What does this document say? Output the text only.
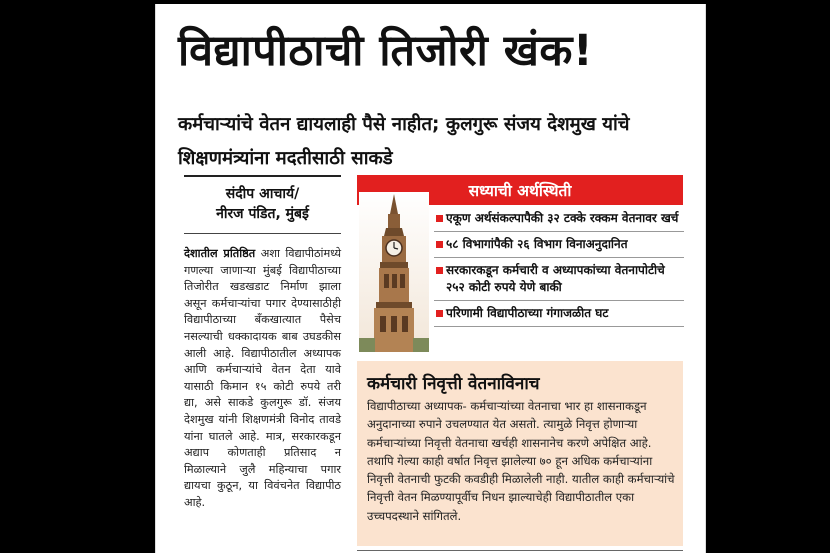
विद्यापीठाची तिजोरी खंक!
कर्मचाऱ्यांचे वेतन द्यायलाही पैसे नाहीत; कुलगुरू संजय देशमुख यांचे शिक्षणमंत्र्यांना मदतीसाठी साकडे
संदीप आचार्य/
नीरज पंडित, मुंबई

देशातील प्रतिष्ठित अशा विद्यापीठांमध्ये गणल्या जाणाऱ्या मुंबई विद्यापीठाच्या तिजोरीत खडखडाट निर्माण झाला असून कर्मचाऱ्यांचा पगार देण्यासाठीही विद्यापीठाच्या बँकखात्यात पैसेच नसल्याची धक्कादायक बाब उघडकीस आली आहे. विद्यापीठातील अध्यापक आणि कर्मचाऱ्यांचे वेतन देता यावे यासाठी किमान १५ कोटी रुपये तरी द्या, असे साकडे कुलगुरू डॉ. संजय देशमुख यांनी शिक्षणमंत्री विनोद तावडे यांना घातले आहे. मात्र, सरकारकडून अद्याप कोणताही प्रतिसाद न मिळाल्याने जुलै महिन्याचा पगार द्यायचा कुठून, या विवंचनेत विद्यापीठ आहे.

सध्याची अर्थस्थिती
एकूण अर्थसंकल्पापैकी ३२ टक्के रक्कम वेतनावर खर्च
५८ विभागांपैकी २६ विभाग विनाअनुदानित
सरकारकडून कर्मचारी व अध्यापकांच्या वेतनापोटीचे २५२ कोटी रुपये येणे बाकी
परिणामी विद्यापीठाच्या गंगाजळीत घट
कर्मचारी निवृत्ती वेतनाविनाच

विद्यापीठाच्या अध्यापक- कर्मचाऱ्यांच्या वेतनाचा भार हा शासनाकडून अनुदानाच्या रुपाने उचलण्यात येत असतो. त्यामुळे निवृत्त होणाऱ्या कर्मचाऱ्यांच्या निवृत्ती वेतनाचा खर्चही शासनानेच करणे अपेक्षित आहे. तथापि गेल्या काही वर्षात निवृत्त झालेल्या ७० हून अधिक कर्मचाऱ्यांना निवृत्ती वेतनाची फुटकी कवडीही मिळालेली नाही. यातील काही कर्मचाऱ्यांचे निवृत्ती वेतन मिळण्यापूर्वीच निधन झाल्याचेही विद्यापीठातील एका उच्चपदस्थाने सांगितले.
